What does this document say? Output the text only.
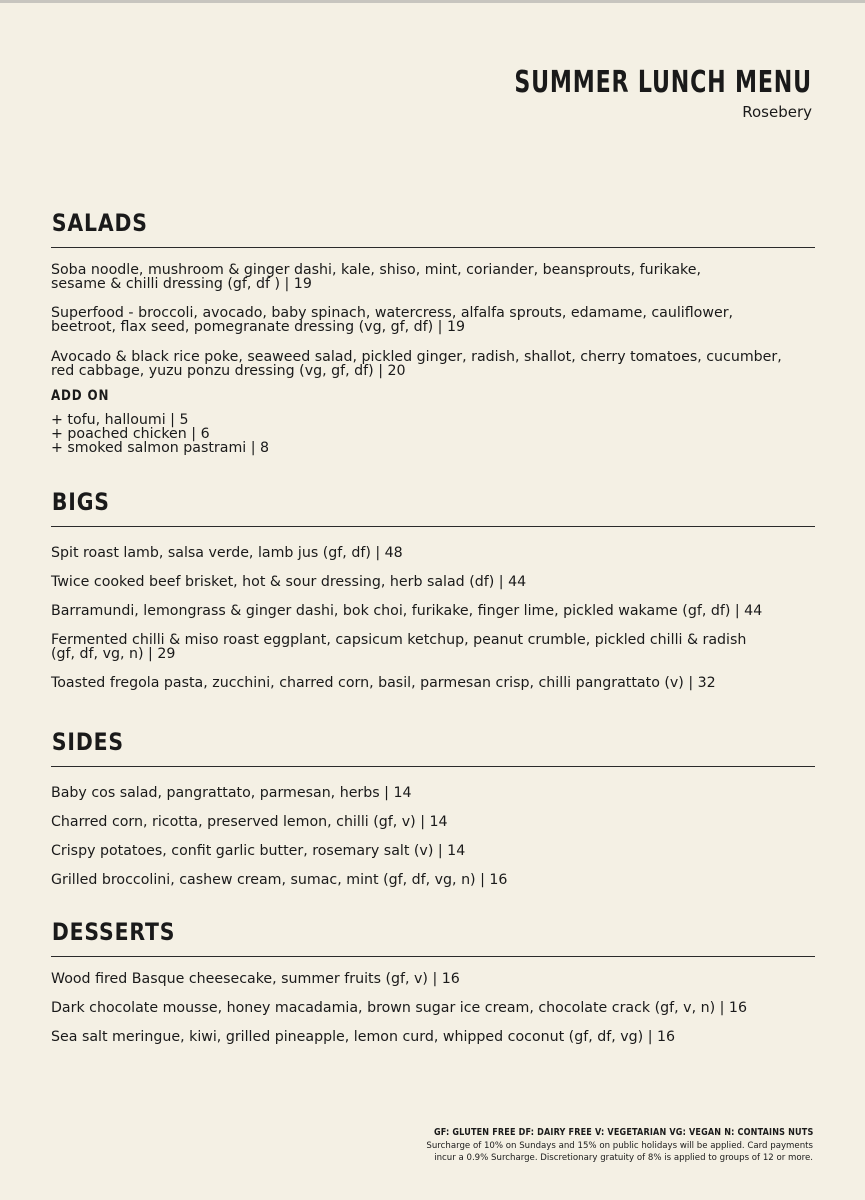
SUMMER LUNCH MENU
Rosebery
SALADS
Soba noodle, mushroom & ginger dashi, kale, shiso, mint, coriander, beansprouts, furikake,
sesame & chilli dressing (gf, df ) | 19
Superfood - broccoli, avocado, baby spinach, watercress, alfalfa sprouts, edamame, cauliflower,
beetroot, flax seed, pomegranate dressing (vg, gf, df) | 19
Avocado & black rice poke, seaweed salad, pickled ginger, radish, shallot, cherry tomatoes, cucumber,
red cabbage, yuzu ponzu dressing (vg, gf, df) | 20
ADD ON
+ tofu, halloumi | 5
+ poached chicken | 6
+ smoked salmon pastrami | 8
BIGS
Spit roast lamb, salsa verde, lamb jus (gf, df) | 48
Twice cooked beef brisket, hot & sour dressing, herb salad (df) | 44
Barramundi, lemongrass & ginger dashi, bok choi, furikake, finger lime, pickled wakame (gf, df) | 44
Fermented chilli & miso roast eggplant, capsicum ketchup, peanut crumble, pickled chilli & radish
(gf, df, vg, n) | 29
Toasted fregola pasta, zucchini, charred corn, basil, parmesan crisp, chilli pangrattato (v) | 32
SIDES
Baby cos salad, pangrattato, parmesan, herbs | 14
Charred corn, ricotta, preserved lemon, chilli (gf, v) | 14
Crispy potatoes, confit garlic butter, rosemary salt (v) | 14
Grilled broccolini, cashew cream, sumac, mint (gf, df, vg, n) | 16
DESSERTS
Wood fired Basque cheesecake, summer fruits (gf, v) | 16
Dark chocolate mousse, honey macadamia, brown sugar ice cream, chocolate crack (gf, v, n) | 16
Sea salt meringue, kiwi, grilled pineapple, lemon curd, whipped coconut (gf, df, vg) | 16
GF: GLUTEN FREE DF: DAIRY FREE V: VEGETARIAN VG: VEGAN N: CONTAINS NUTS
Surcharge of 10% on Sundays and 15% on public holidays will be applied. Card payments
incur a 0.9% Surcharge. Discretionary gratuity of 8% is applied to groups of 12 or more.
